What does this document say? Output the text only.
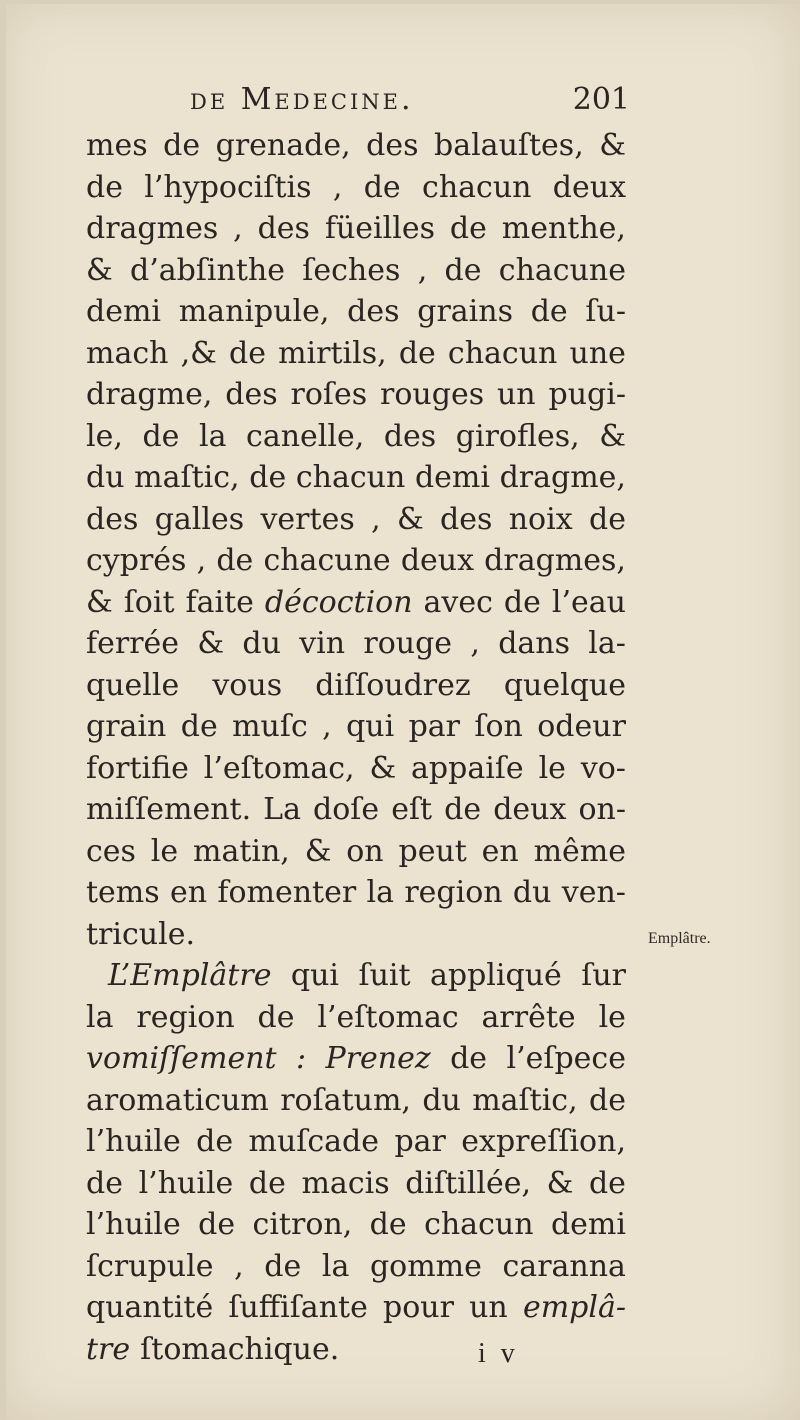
de Medecine.	201
mes de grenade, des balauſtes, &
de l’hypociſtis , de chacun deux
dragmes , des füeilles de menthe,
& d’abſinthe ſeches , de chacune
demi manipule, des grains de ſu-
mach ,& de mirtils, de chacun une
dragme, des roſes rouges un pugi-
le, de la canelle, des girofles, &
du maſtic, de chacun demi dragme,
des galles vertes , & des noix de
cyprés , de chacune deux dragmes,
& ſoit faite décoction avec de l’eau
ferrée & du vin rouge , dans la-
quelle vous diſſoudrez quelque
grain de muſc , qui par ſon odeur
fortifie l’eſtomac, & appaiſe le vo-
miſſement. La doſe eſt de deux on-
ces le matin, & on peut en même
tems en fomenter la region du ven-
tricule.
L’Emplâtre qui ſuit appliqué ſur
la region de l’eſtomac arrête le
vomiſſement : Prenez de l’eſpece
aromaticum roſatum, du maſtic, de
l’huile de muſcade par expreſſion,
de l’huile de macis diſtillée, & de
l’huile de citron, de chacun demi
ſcrupule , de la gomme caranna
quantité ſuffiſante pour un emplâ-
tre ſtomachique.
Emplâtre.
i v
